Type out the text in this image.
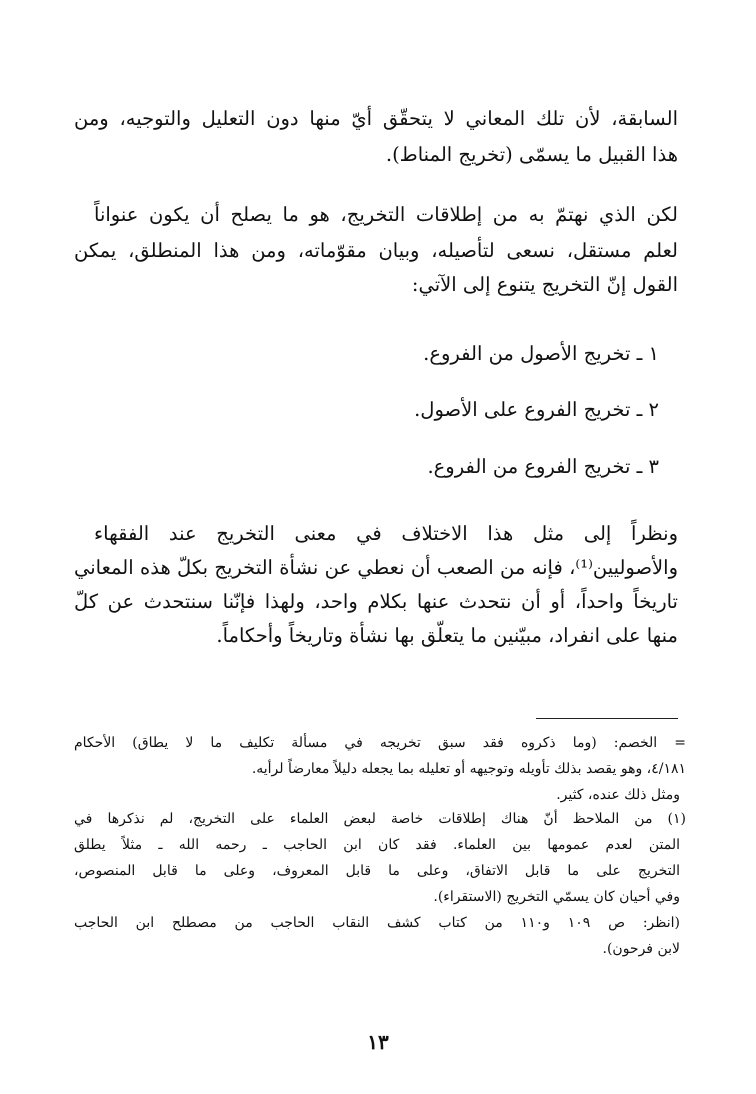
السابقة، لأن تلك المعاني لا يتحقّق أيّ منها دون التعليل والتوجيه، ومن
هذا القبيل ما يسمّى (تخريج المناط).
لكن الذي نهتمّ به من إطلاقات التخريج، هو ما يصلح أن يكون عنواناً
لعلم مستقل، نسعى لتأصيله، وبيان مقوّماته، ومن هذا المنطلق، يمكن
القول إنّ التخريج يتنوع إلى الآتي:
١ ـ تخريج الأصول من الفروع.
٢ ـ تخريج الفروع على الأصول.
٣ ـ تخريج الفروع من الفروع.
ونظراً إلى مثل هذا الاختلاف في معنى التخريج عند الفقهاء
والأصوليين⁽¹⁾، فإنه من الصعب أن نعطي عن نشأة التخريج بكلّ هذه المعاني
تاريخاً واحداً، أو أن نتحدث عنها بكلام واحد، ولهذا فإنّنا سنتحدث عن كلّ
منها على انفراد، مبيّنين ما يتعلّق بها نشأة وتاريخاً وأحكاماً.
= الخصم: (وما ذكروه فقد سبق تخريجه في مسألة تكليف ما لا يطاق) الأحكام
٤/١٨١، وهو يقصد بذلك تأويله وتوجيهه أو تعليله بما يجعله دليلاً معارضاً لرأيه.
ومثل ذلك عنده، كثير.
(١) من الملاحظ أنّ هناك إطلاقات خاصة لبعض العلماء على التخريج، لم نذكرها في
المتن لعدم عمومها بين العلماء. فقد كان ابن الحاجب ـ رحمه الله ـ مثلاً يطلق
التخريج على ما قابل الاتفاق، وعلى ما قابل المعروف، وعلى ما قابل المنصوص،
وفي أحيان كان يسمّي التخريج (الاستقراء).
(انظر: ص ١٠٩ و١١٠ من كتاب كشف النقاب الحاجب من مصطلح ابن الحاجب
لابن فرحون).
١٣
